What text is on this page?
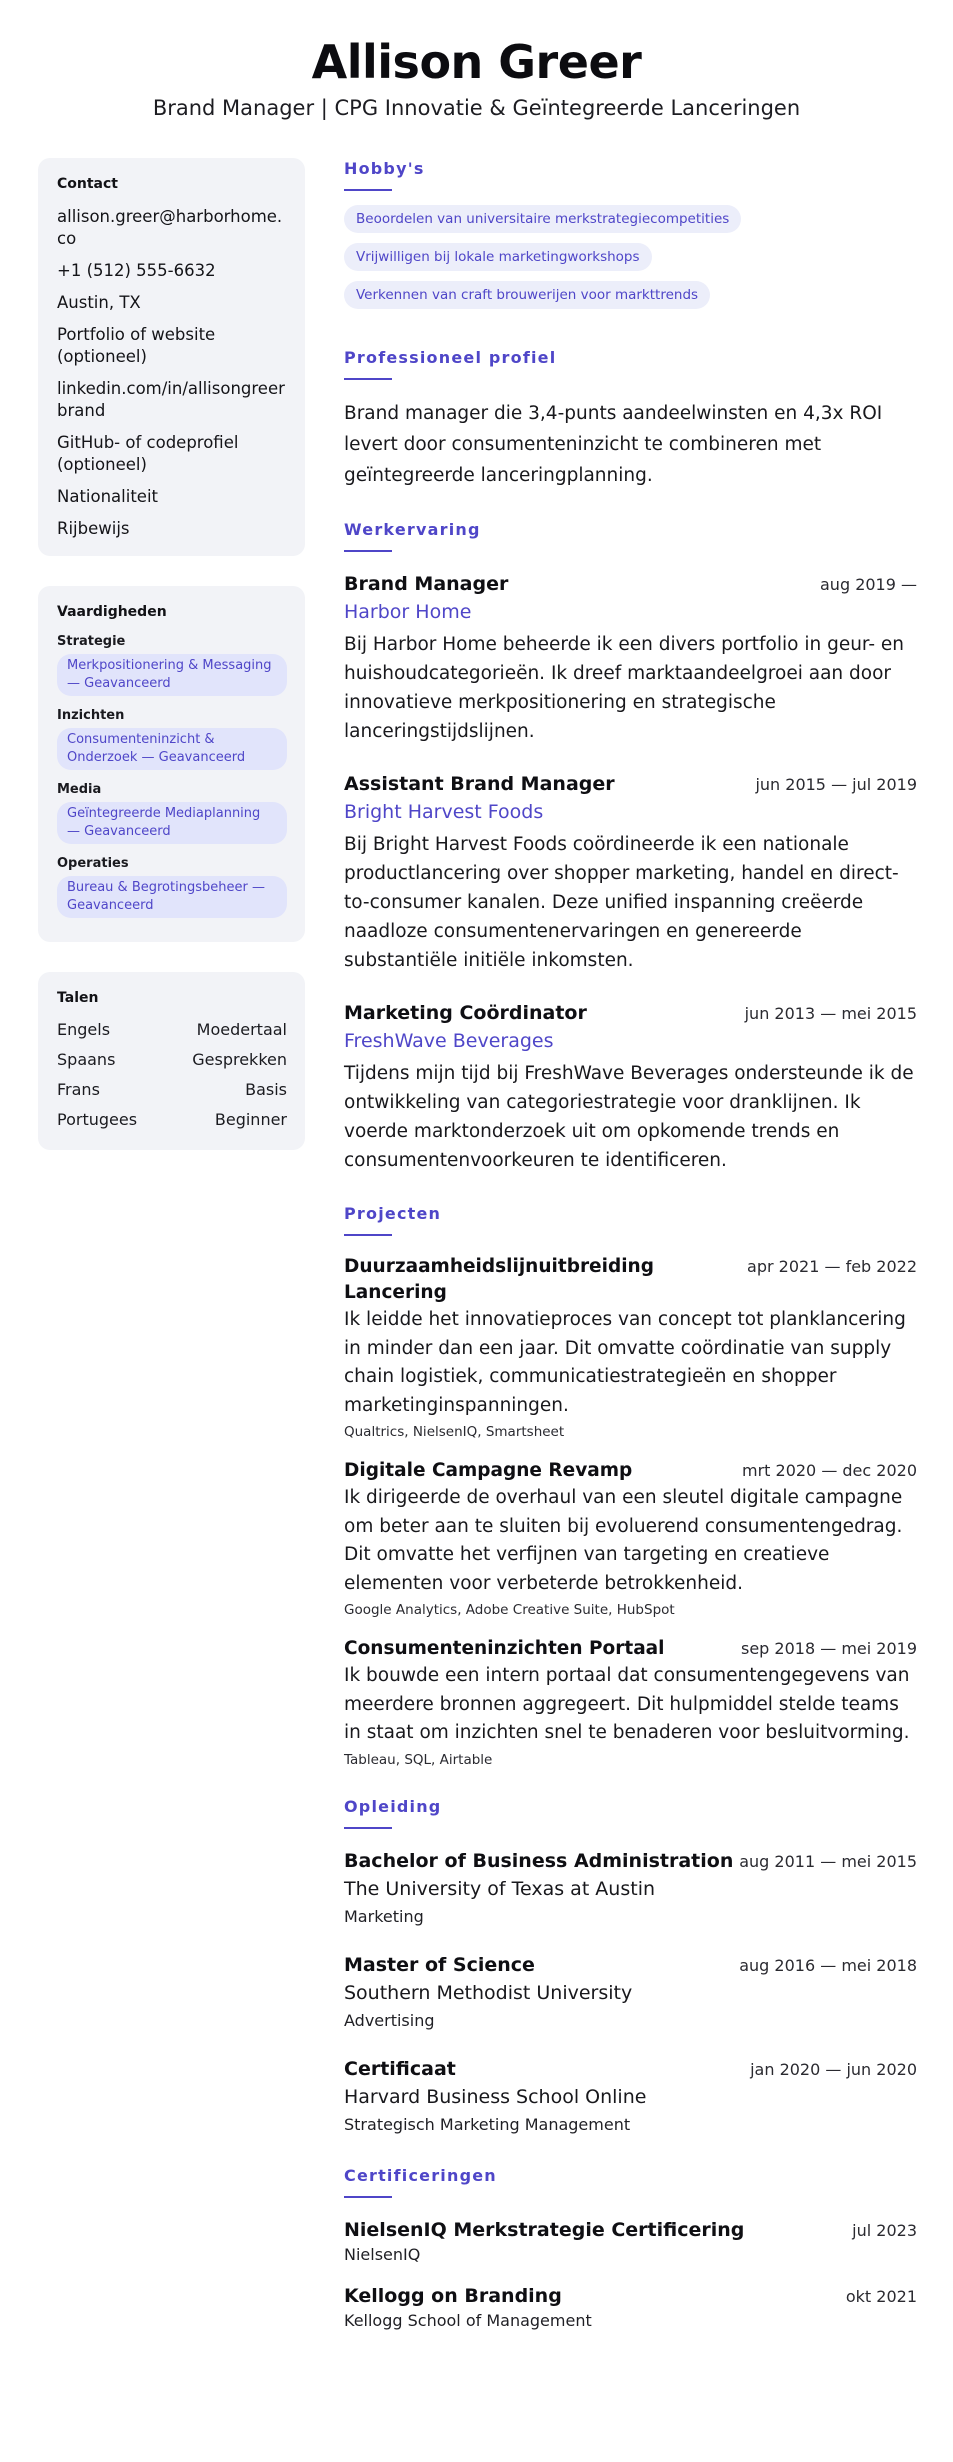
Allison Greer
Brand Manager | CPG Innovatie & Geïntegreerde Lanceringen
Contact
allison.greer@harborhome.co
+1 (512) 555-6632
Austin, TX
Portfolio of website (optioneel)
linkedin.com/in/allisongreerbrand
GitHub- of codeprofiel (optioneel)
Nationaliteit
Rijbewijs
Vaardigheden
Strategie
Merkpositionering & Messaging — Geavanceerd
Inzichten
Consumenteninzicht & Onderzoek — Geavanceerd
Media
Geïntegreerde Mediaplanning — Geavanceerd
Operaties
Bureau & Begrotingsbeheer — Geavanceerd
Talen
Engels	Moedertaal
Spaans	Gesprekken
Frans	Basis
Portugees	Beginner
Hobby's
Beoordelen van universitaire merkstrategiecompetities
Vrijwilligen bij lokale marketingworkshops
Verkennen van craft brouwerijen voor markttrends
Professioneel profiel

Brand manager die 3,4-punts aandeelwinsten en 4,3x ROI levert door consumenteninzicht te combineren met geïntegreerde lanceringplanning.

Werkervaring
Brand Manager	aug 2019 —
Harbor Home

Bij Harbor Home beheerde ik een divers portfolio in geur- en huishoudcategorieën. Ik dreef marktaandeelgroei aan door innovatieve merkpositionering en strategische lanceringstijdslijnen.

Assistant Brand Manager	jun 2015 — jul 2019
Bright Harvest Foods

Bij Bright Harvest Foods coördineerde ik een nationale productlancering over shopper marketing, handel en direct-to-consumer kanalen. Deze unified inspanning creëerde naadloze consumentenervaringen en genereerde substantiële initiële inkomsten.

Marketing Coördinator	jun 2013 — mei 2015
FreshWave Beverages

Tijdens mijn tijd bij FreshWave Beverages ondersteunde ik de ontwikkeling van categoriestrategie voor dranklijnen. Ik voerde marktonderzoek uit om opkomende trends en consumentenvoorkeuren te identificeren.

Projecten
Duurzaamheidslijnuitbreiding Lancering
apr 2021 — feb 2022

Ik leidde het innovatieproces van concept tot planklancering in minder dan een jaar. Dit omvatte coördinatie van supply chain logistiek, communicatiestrategieën en shopper marketinginspanningen.

Qualtrics, NielsenIQ, Smartsheet
Digitale Campagne Revamp	mrt 2020 — dec 2020

Ik dirigeerde de overhaul van een sleutel digitale campagne om beter aan te sluiten bij evoluerend consumentengedrag. Dit omvatte het verfijnen van targeting en creatieve elementen voor verbeterde betrokkenheid.

Google Analytics, Adobe Creative Suite, HubSpot
Consumenteninzichten Portaal	sep 2018 — mei 2019

Ik bouwde een intern portaal dat consumentengegevens van meerdere bronnen aggregeert. Dit hulpmiddel stelde teams in staat om inzichten snel te benaderen voor besluitvorming.

Tableau, SQL, Airtable
Opleiding
Bachelor of Business Administration aug 2011 — mei 2015
The University of Texas at Austin
Marketing
Master of Science	aug 2016 — mei 2018
Southern Methodist University
Advertising
Certificaat	jan 2020 — jun 2020
Harvard Business School Online
Strategisch Marketing Management
Certificeringen
NielsenIQ Merkstrategie Certificering	jul 2023
NielsenIQ
Kellogg on Branding	okt 2021
Kellogg School of Management
